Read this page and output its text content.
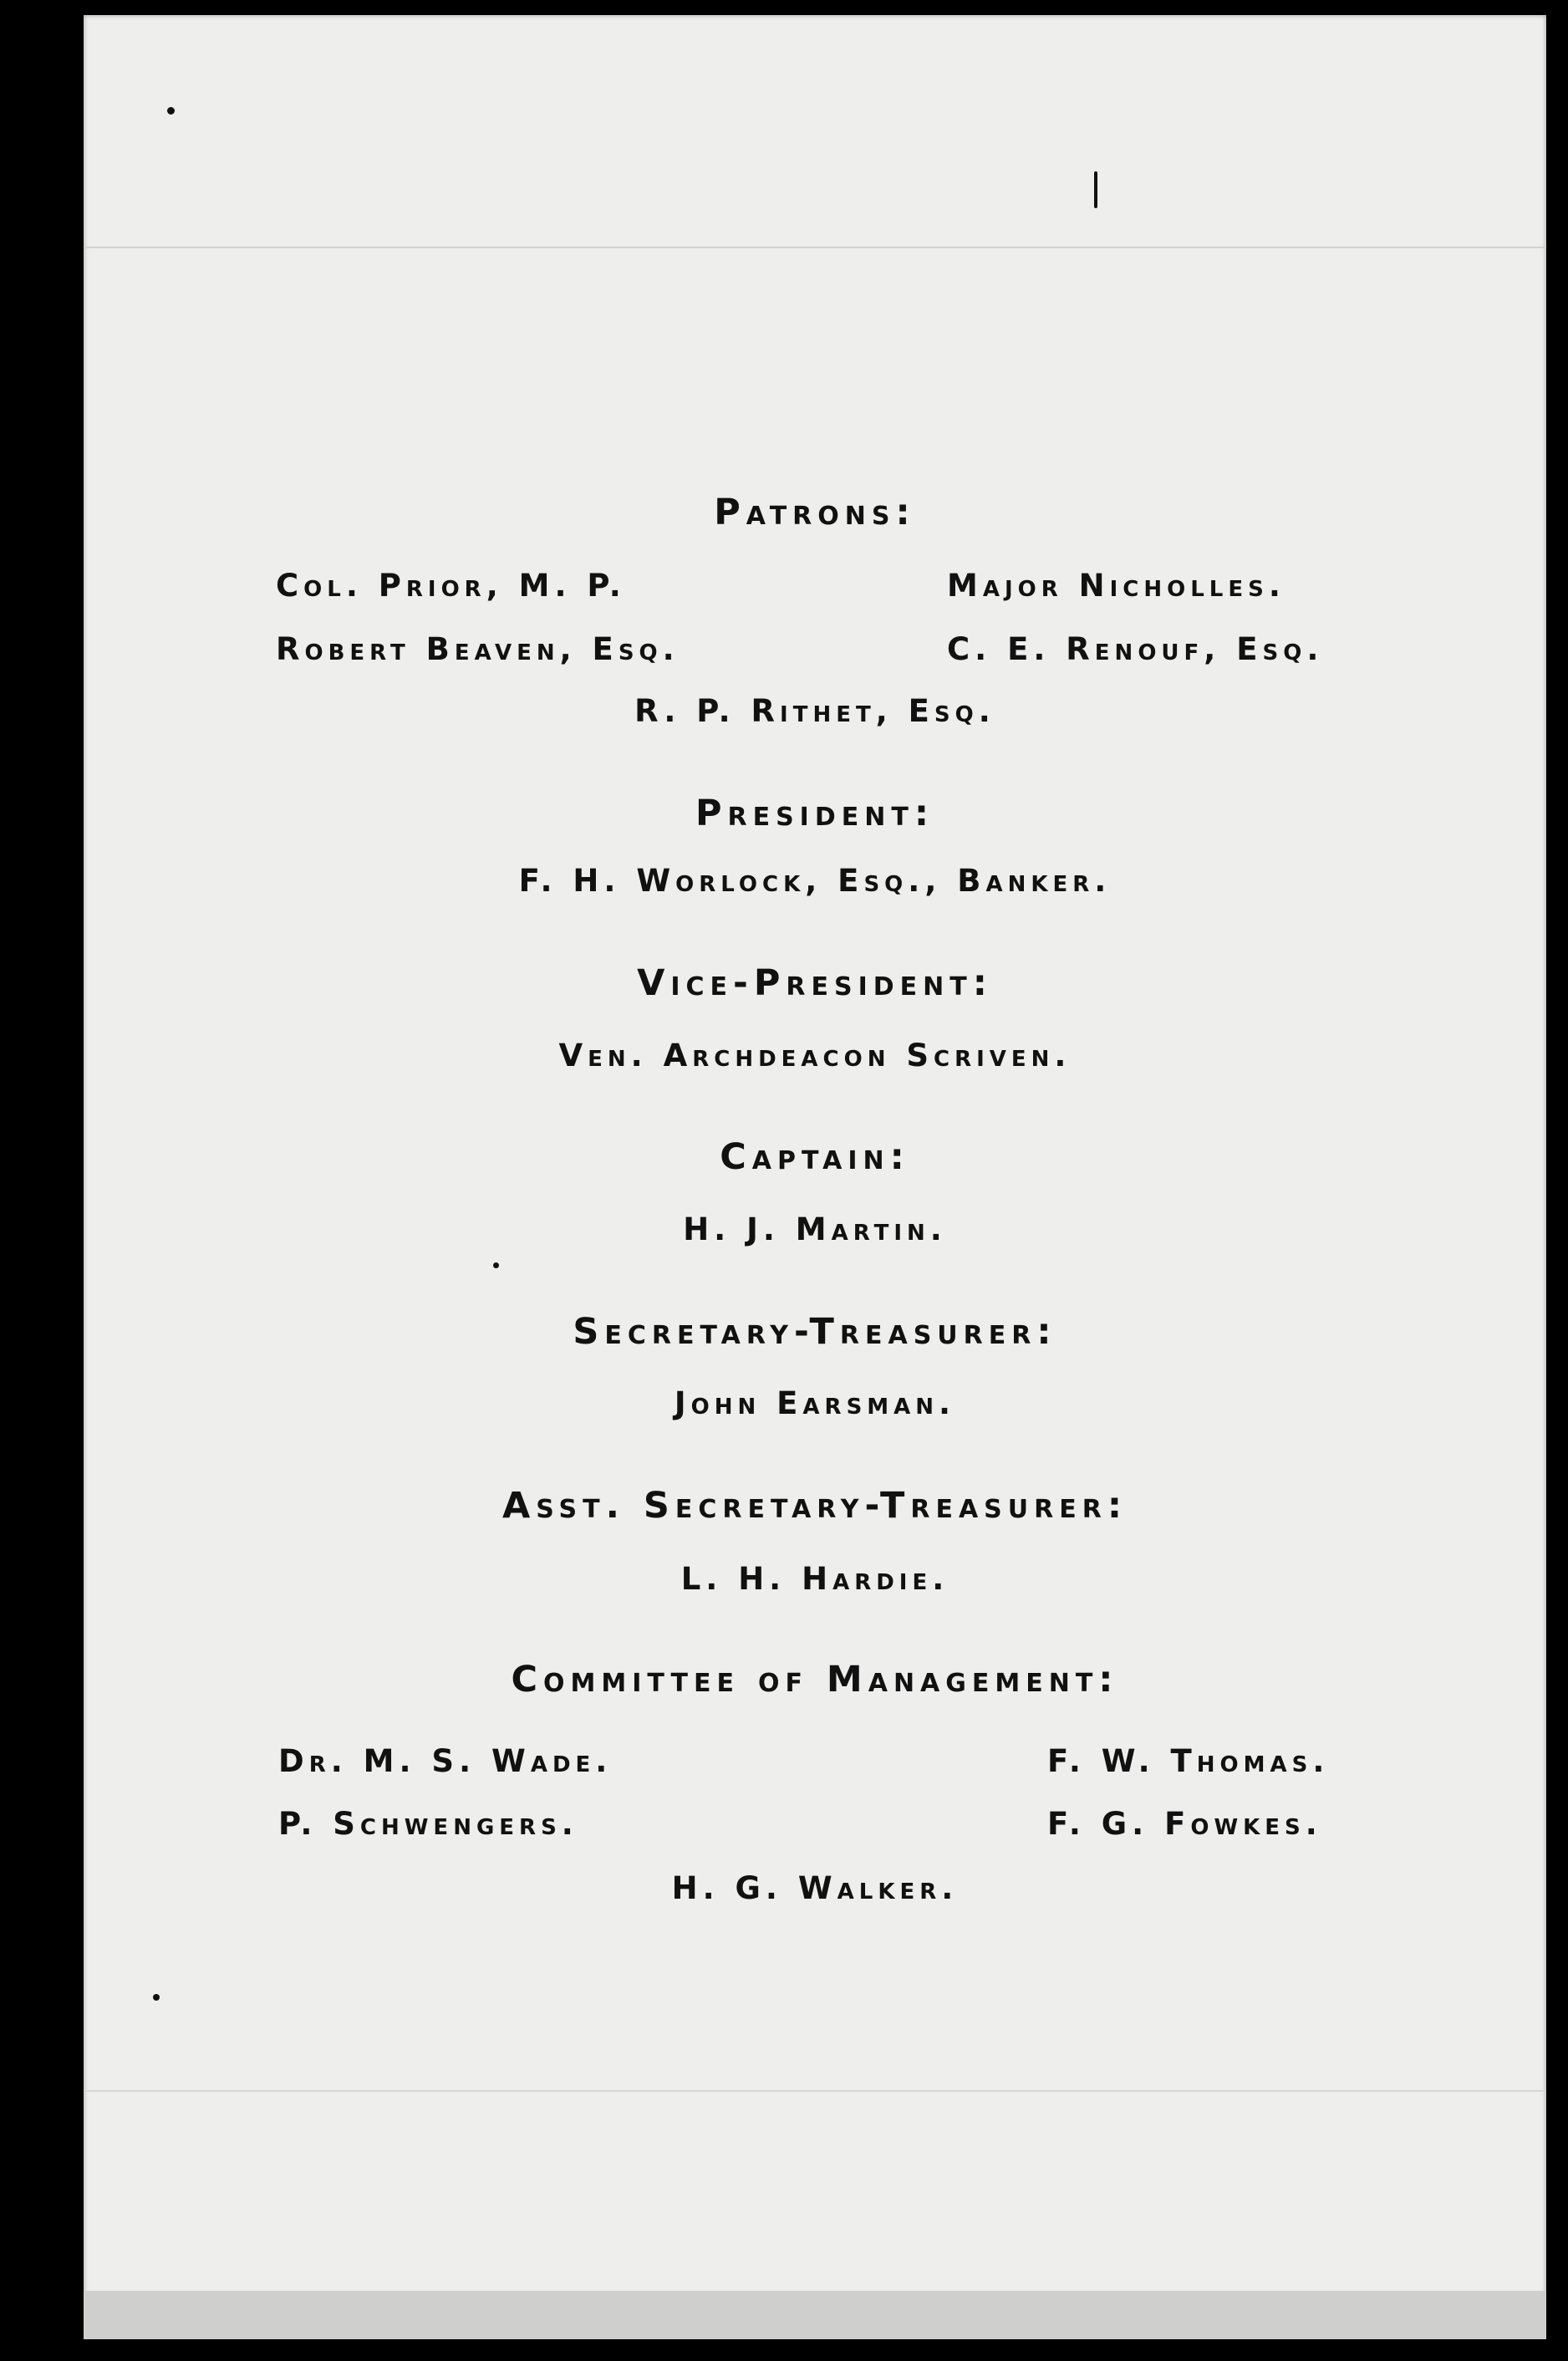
Patrons:
Col. Prior, M. P.	Major Nicholles.
Robert Beaven, Esq.	C. E. Renouf, Esq.
R. P. Rithet, Esq.
President:
F. H. Worlock, Esq., Banker.
Vice-President:
Ven. Archdeacon Scriven.
Captain:
H. J. Martin.
Secretary-Treasurer:
John Earsman.
Asst. Secretary-Treasurer:
L. H. Hardie.
Committee of Management:
Dr. M. S. Wade.	F. W. Thomas.
P. Schwengers.	F. G. Fowkes.
H. G. Walker.
